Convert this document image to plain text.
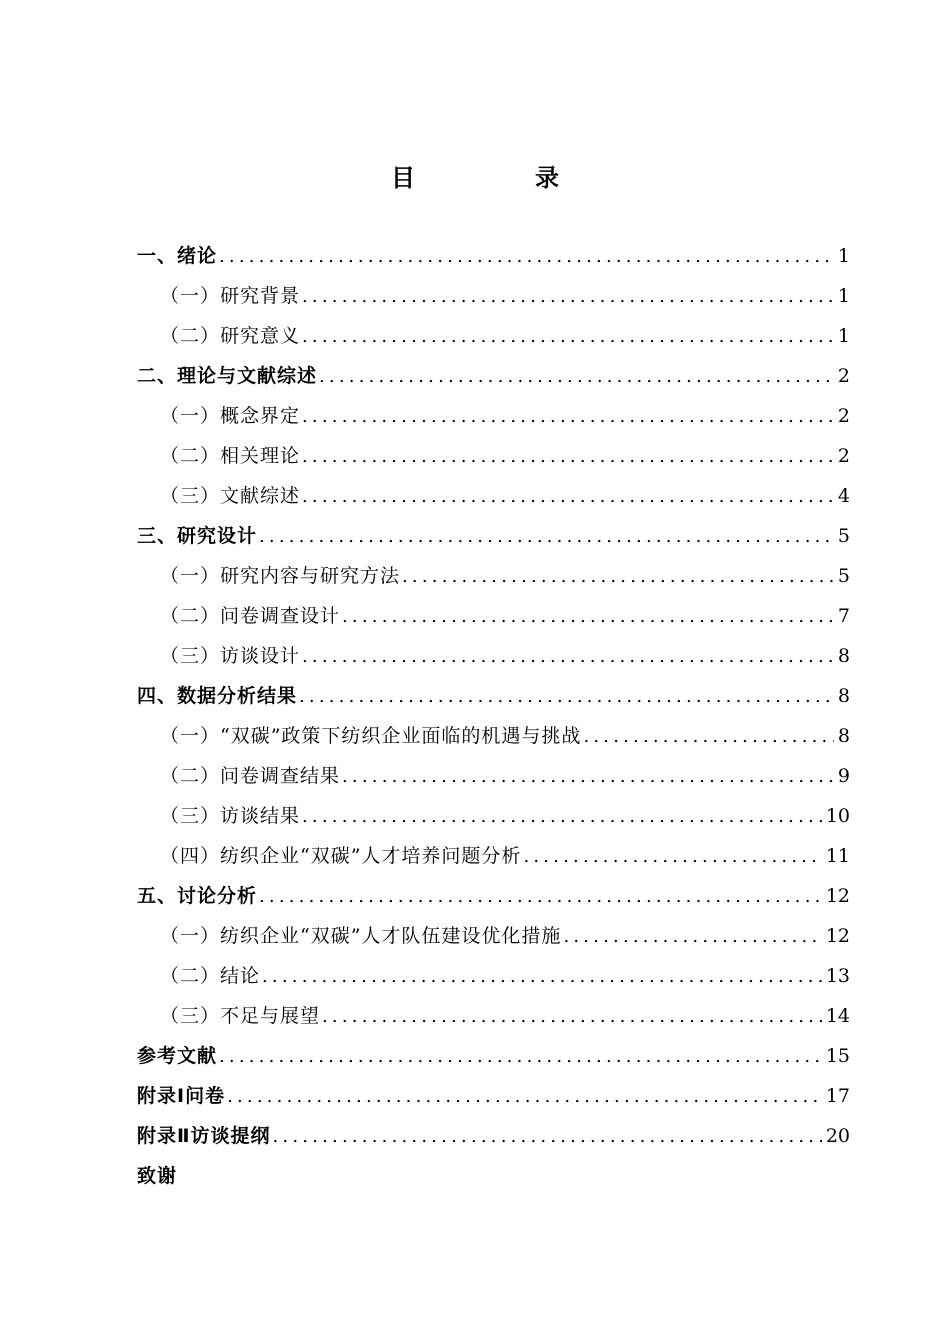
目　录
一、绪论 .....	1
（一）研究背景 .....	1
（二）研究意义 .....	1
二、理论与文献综述 .....	2
（一）概念界定 .....	2
（二）相关理论 .....	2
（三）文献综述 .....	4
三、研究设计 .....	5
（一）研究内容与研究方法 .....	5
（二）问卷调查设计 .....	7
（三）访谈设计 .....	8
四、数据分析结果 .....	8
（一）“双碳”政策下纺织企业面临的机遇与挑战 .....	8
（二）问卷调查结果 .....	9
（三）访谈结果 .....	10
（四）纺织企业“双碳”人才培养问题分析 .....	11
五、讨论分析 .....	12
（一）纺织企业“双碳”人才队伍建设优化措施 .....	12
（二）结论 .....	13
（三）不足与展望 .....	14
参考文献 .....	15
附录Ⅰ问卷 .....	17
附录Ⅱ访谈提纲 .....	20
致谢
